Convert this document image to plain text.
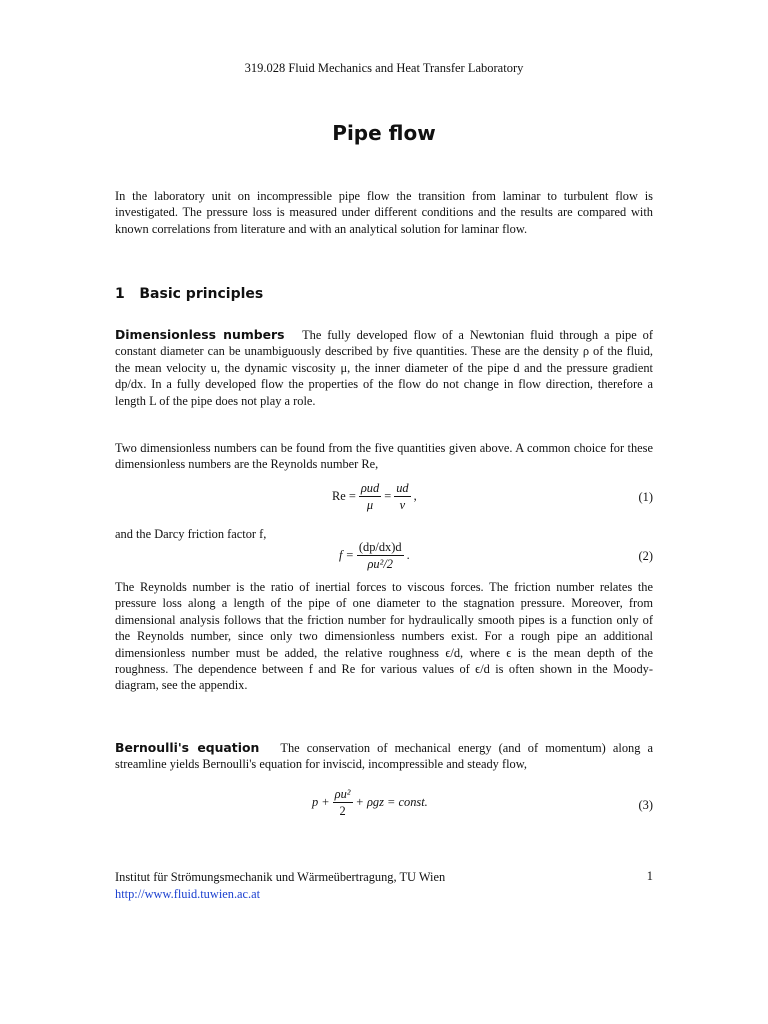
319.028 Fluid Mechanics and Heat Transfer Laboratory
Pipe flow
In the laboratory unit on incompressible pipe flow the transition from laminar to turbulent flow is investigated. The pressure loss is measured under different conditions and the results are compared with known correlations from literature and with an analytical solution for laminar flow.
1 Basic principles
Dimensionless numbers The fully developed flow of a Newtonian fluid through a pipe of constant diameter can be unambiguously described by five quantities. These are the density ρ of the fluid, the mean velocity u, the dynamic viscosity μ, the inner diameter of the pipe d and the pressure gradient dp/dx. In a fully developed flow the properties of the flow do not change in flow direction, therefore a length L of the pipe does not play a role.
Two dimensionless numbers can be found from the five quantities given above. A common choice for these dimensionless numbers are the Reynolds number Re,
$Re = \frac{\text{ρud}}{\mu} = \frac{ud}{\nu}$ ,	(1)
and the Darcy friction factor f,
$f = \frac{(dp/dx)d}{\text{ρu²/2}}$ .	(2)
The Reynolds number is the ratio of inertial forces to viscous forces. The friction number relates the pressure loss along a length of the pipe of one diameter to the stagnation pressure. Moreover, from dimensional analysis follows that the friction number for hydraulically smooth pipes is a function only of the Reynolds number, since only two dimensionless numbers exist. For a rough pipe an additional dimensionless number must be added, the relative roughness ϵ/d, where ϵ is the mean depth of the roughness. The dependence between f and Re for various values of ϵ/d is often shown in the Moody-diagram, see the appendix.
Bernoulli's equation The conservation of mechanical energy (and of momentum) along a streamline yields Bernoulli's equation for inviscid, incompressible and steady flow,
$p + \frac{\text{ρu²}}{2} + \rho gz$ = const.	(3)
Institut für Strömungsmechanik und Wärmeübertragung, TU Wien
http://www.fluid.tuwien.ac.at
1
